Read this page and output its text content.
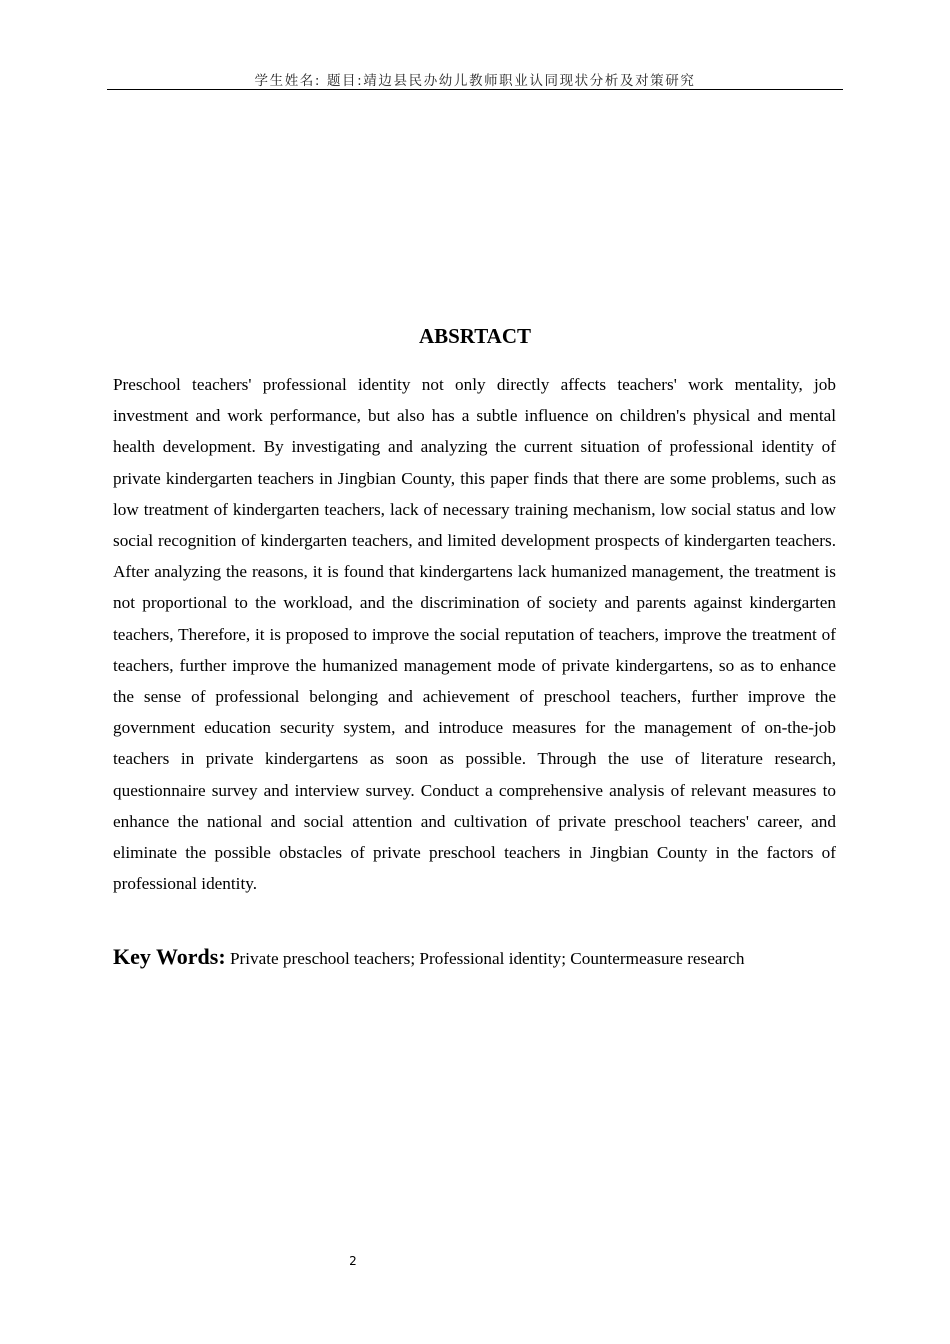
学生姓名: 题目:靖边县民办幼儿教师职业认同现状分析及对策研究
ABSRTACT

Preschool teachers' professional identity not only directly affects teachers' work mentality, job investment and work performance, but also has a subtle influence on children's physical and mental health development. By investigating and analyzing the current situation of professional identity of private kindergarten teachers in Jingbian County, this paper finds that there are some problems, such as low treatment of kindergarten teachers, lack of necessary training mechanism, low social status and low social recognition of kindergarten teachers, and limited development prospects of kindergarten teachers. After analyzing the reasons, it is found that kindergartens lack humanized management, the treatment is not proportional to the workload, and the discrimination of society and parents against kindergarten teachers, Therefore, it is proposed to improve the social reputation of teachers, improve the treatment of teachers, further improve the humanized management mode of private kindergartens, so as to enhance the sense of professional belonging and achievement of preschool teachers, further improve the government education security system, and introduce measures for the management of on-the-job teachers in private kindergartens as soon as possible. Through the use of literature research, questionnaire survey and interview survey. Conduct a comprehensive analysis of relevant measures to enhance the national and social attention and cultivation of private preschool teachers' career, and eliminate the possible obstacles of private preschool teachers in Jingbian County in the factors of professional identity.

Key Words: Private preschool teachers; Professional identity; Countermeasure research
2
